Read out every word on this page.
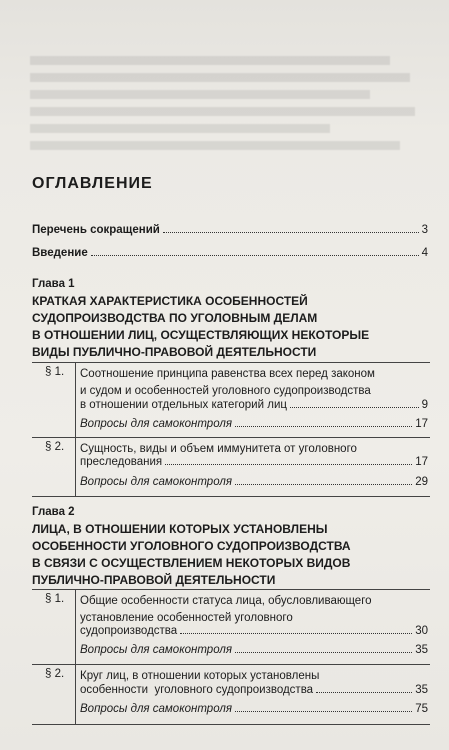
ОГЛАВЛЕНИЕ
Перечень сокращений	3
Введение	4
Глава 1
КРАТКАЯ ХАРАКТЕРИСТИКА ОСОБЕННОСТЕЙ
СУДОПРОИЗВОДСТВА ПО УГОЛОВНЫМ ДЕЛАМ
В ОТНОШЕНИИ ЛИЦ, ОСУЩЕСТВЛЯЮЩИХ НЕКОТОРЫЕ
ВИДЫ ПУБЛИЧНО-ПРАВОВОЙ ДЕЯТЕЛЬНОСТИ
§ 1. Соотношение принципа равенства всех перед законом
и судом и особенностей уголовного судопроизводства
в отношении отдельных категорий лиц	9
Вопросы для самоконтроля	17
§ 2. Сущность, виды и объем иммунитета от уголовного
преследования	17
Вопросы для самоконтроля	29
Глава 2
ЛИЦА, В ОТНОШЕНИИ КОТОРЫХ УСТАНОВЛЕНЫ
ОСОБЕННОСТИ УГОЛОВНОГО СУДОПРОИЗВОДСТВА
В СВЯЗИ С ОСУЩЕСТВЛЕНИЕМ НЕКОТОРЫХ ВИДОВ
ПУБЛИЧНО-ПРАВОВОЙ ДЕЯТЕЛЬНОСТИ
§ 1. Общие особенности статуса лица, обусловливающего
установление особенностей уголовного
судопроизводства	30
Вопросы для самоконтроля	35
§ 2. Круг лиц, в отношении которых установлены
особенности  уголовного судопроизводства	35
Вопросы для самоконтроля	75
